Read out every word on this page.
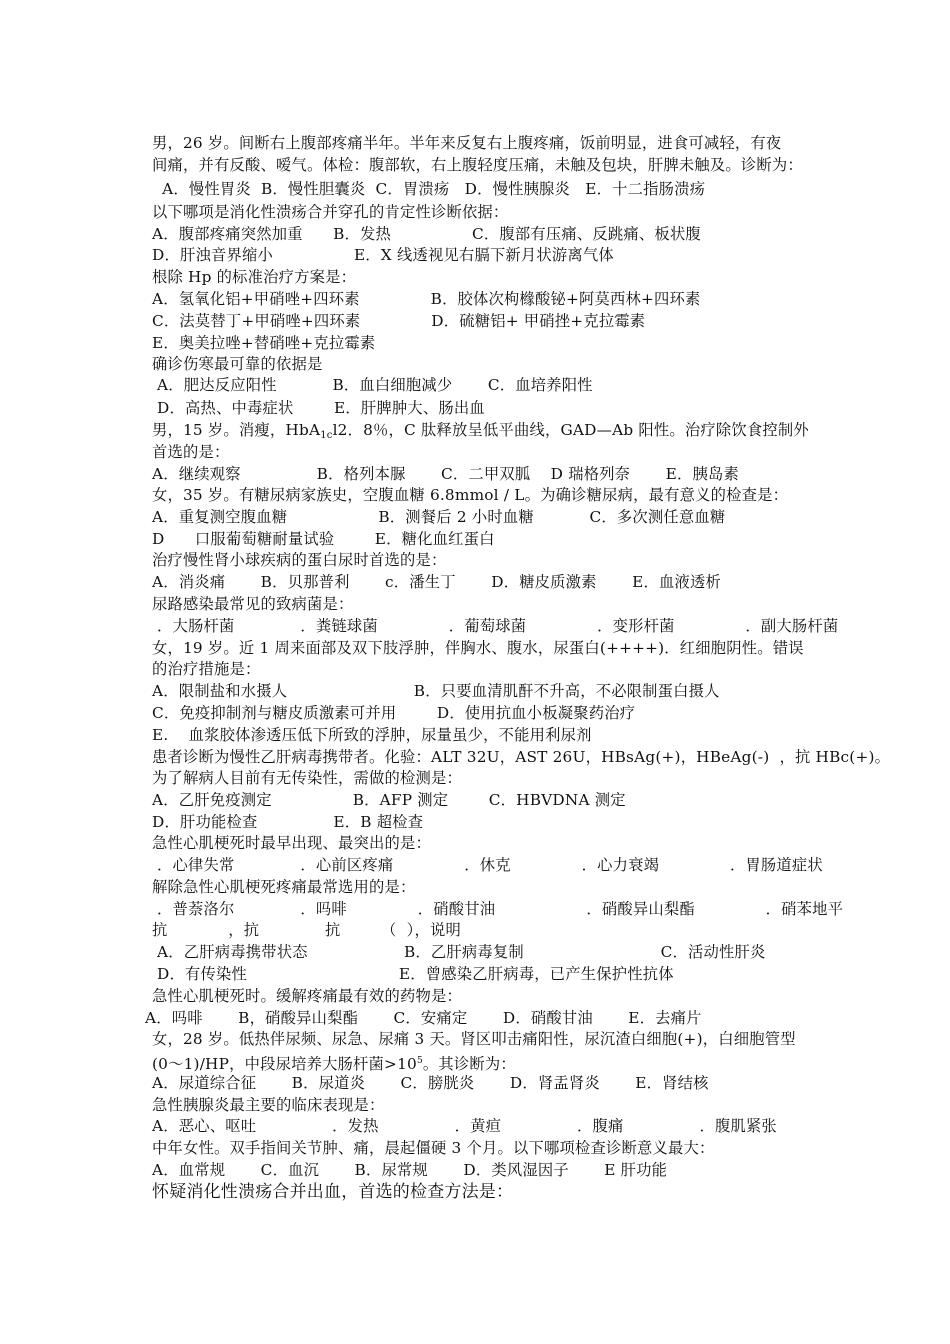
男，26 岁。间断右上腹部疼痛半年。半年来反复右上腹疼痛，饭前明显，进食可减轻，有夜
间痛，并有反酸、嗳气。体检：腹部软，右上腹轻度压痛，未触及包块，肝脾未触及。诊断为：
A．慢性胃炎  B．慢性胆囊炎  C．胃溃疡   D．慢性胰腺炎   E．十二指肠溃疡
以下哪项是消化性溃疡合并穿孔的肯定性诊断依据：
A．腹部疼痛突然加重      B．发热                C．腹部有压痛、反跳痛、板状腹
D．肝浊音界缩小                E．X 线透视见右膈下新月状游离气体
根除 Hp 的标准治疗方案是：
A．氢氧化铝+甲硝唑+四环素              B．胶体次枸橼酸铋+阿莫西林+四环素
C．法莫替丁+甲硝唑+四环素              D．硫糖铝+ 甲硝挫+克拉霉素
E．奥美拉唑+替硝唑+克拉霉素
确诊伤寒最可靠的依据是
A．肥达反应阳性           B．血白细胞减少       C．血培养阳性
D．高热、中毒症状        E．肝脾肿大、肠出血
男，15 岁。消瘦，HbA$_{1c}$l2．8％，C 肽释放呈低平曲线，GAD—Ab 阳性。治疗除饮食控制外
首选的是：
A．继续观察               B．格列本脲       C．二甲双胍    D 瑞格列奈       E．胰岛素
女，35 岁。有糖尿病家族史，空腹血糖 6.8mmol / L。为确诊糖尿病，最有意义的检查是：
A．重复测空腹血糖                  B．测餐后 2 小时血糖           C．多次测任意血糖
D      口服葡萄糖耐量试验        E．糖化血红蛋白
治疗慢性肾小球疾病的蛋白尿时首选的是：
A．消炎痛       B．贝那普利       c．潘生丁       D．糖皮质激素       E．血液透析
尿路感染最常见的致病菌是：
．大肠杆菌             ．粪链球菌              ．葡萄球菌              ．变形杆菌              ．副大肠杆菌
女，19 岁。近 1 周来面部及双下肢浮肿，伴胸水、腹水，尿蛋白(++++)．红细胞阴性。错误
的治疗措施是：
A．限制盐和水摄人                         B．只要血清肌酐不升高，不必限制蛋白摄人
C．免疫抑制剂与糖皮质激素可并用        D．使用抗血小板凝聚药治疗
E.    血浆胶体渗透压低下所致的浮肿，尿量虽少，不能用利尿剂
患者诊断为慢性乙肝病毒携带者。化验：ALT 32U，AST 26U，HBsAg(+)，HBeAg(-)  ，抗 HBc(+)。
为了解病人目前有无传染性，需做的检测是：
A．乙肝免疫测定                B．AFP 测定        C．HBVDNA 测定
D．肝功能检查               E．B 超检查
急性心肌梗死时最早出现、最突出的是：
．心律失常             ．心前区疼痛              ．休克              ．心力衰竭              ．胃肠道症状
解除急性心肌梗死疼痛最常选用的是：
．普萘洛尔             ．吗啡              ．硝酸甘油                  ．硝酸异山梨酯              ．硝苯地平
抗            ，抗             抗        （  ），说明
A．乙肝病毒携带状态                   B．乙肝病毒复制                           C．活动性肝炎
D．有传染性                              E．曾感染乙肝病毒，已产生保护性抗体
急性心肌梗死时。缓解疼痛最有效的药物是：
A．吗啡       B，硝酸异山梨酯       C．安痛定       D．硝酸甘油       E．去痛片
女，28 岁。低热伴尿频、尿急、尿痛 3 天。肾区叩击痛阳性，尿沉渣白细胞(+)，白细胞管型
(0～1)/HP，中段尿培养大肠杆菌$>10^5$。其诊断为：
A．尿道综合征       B．尿道炎       C．膀胱炎       D．肾盂肾炎       E．肾结核
急性胰腺炎最主要的临床表现是：
A．恶心、呕吐               ．发热               ．黄疸               ．腹痛               ．腹肌紧张
中年女性。双手指间关节肿、痛，晨起僵硬 3 个月。以下哪项检查诊断意义最大：
A．血常规       C．血沉       B．尿常规       D．类风湿因子       E 肝功能
怀疑消化性溃疡合并出血，首选的检查方法是：
